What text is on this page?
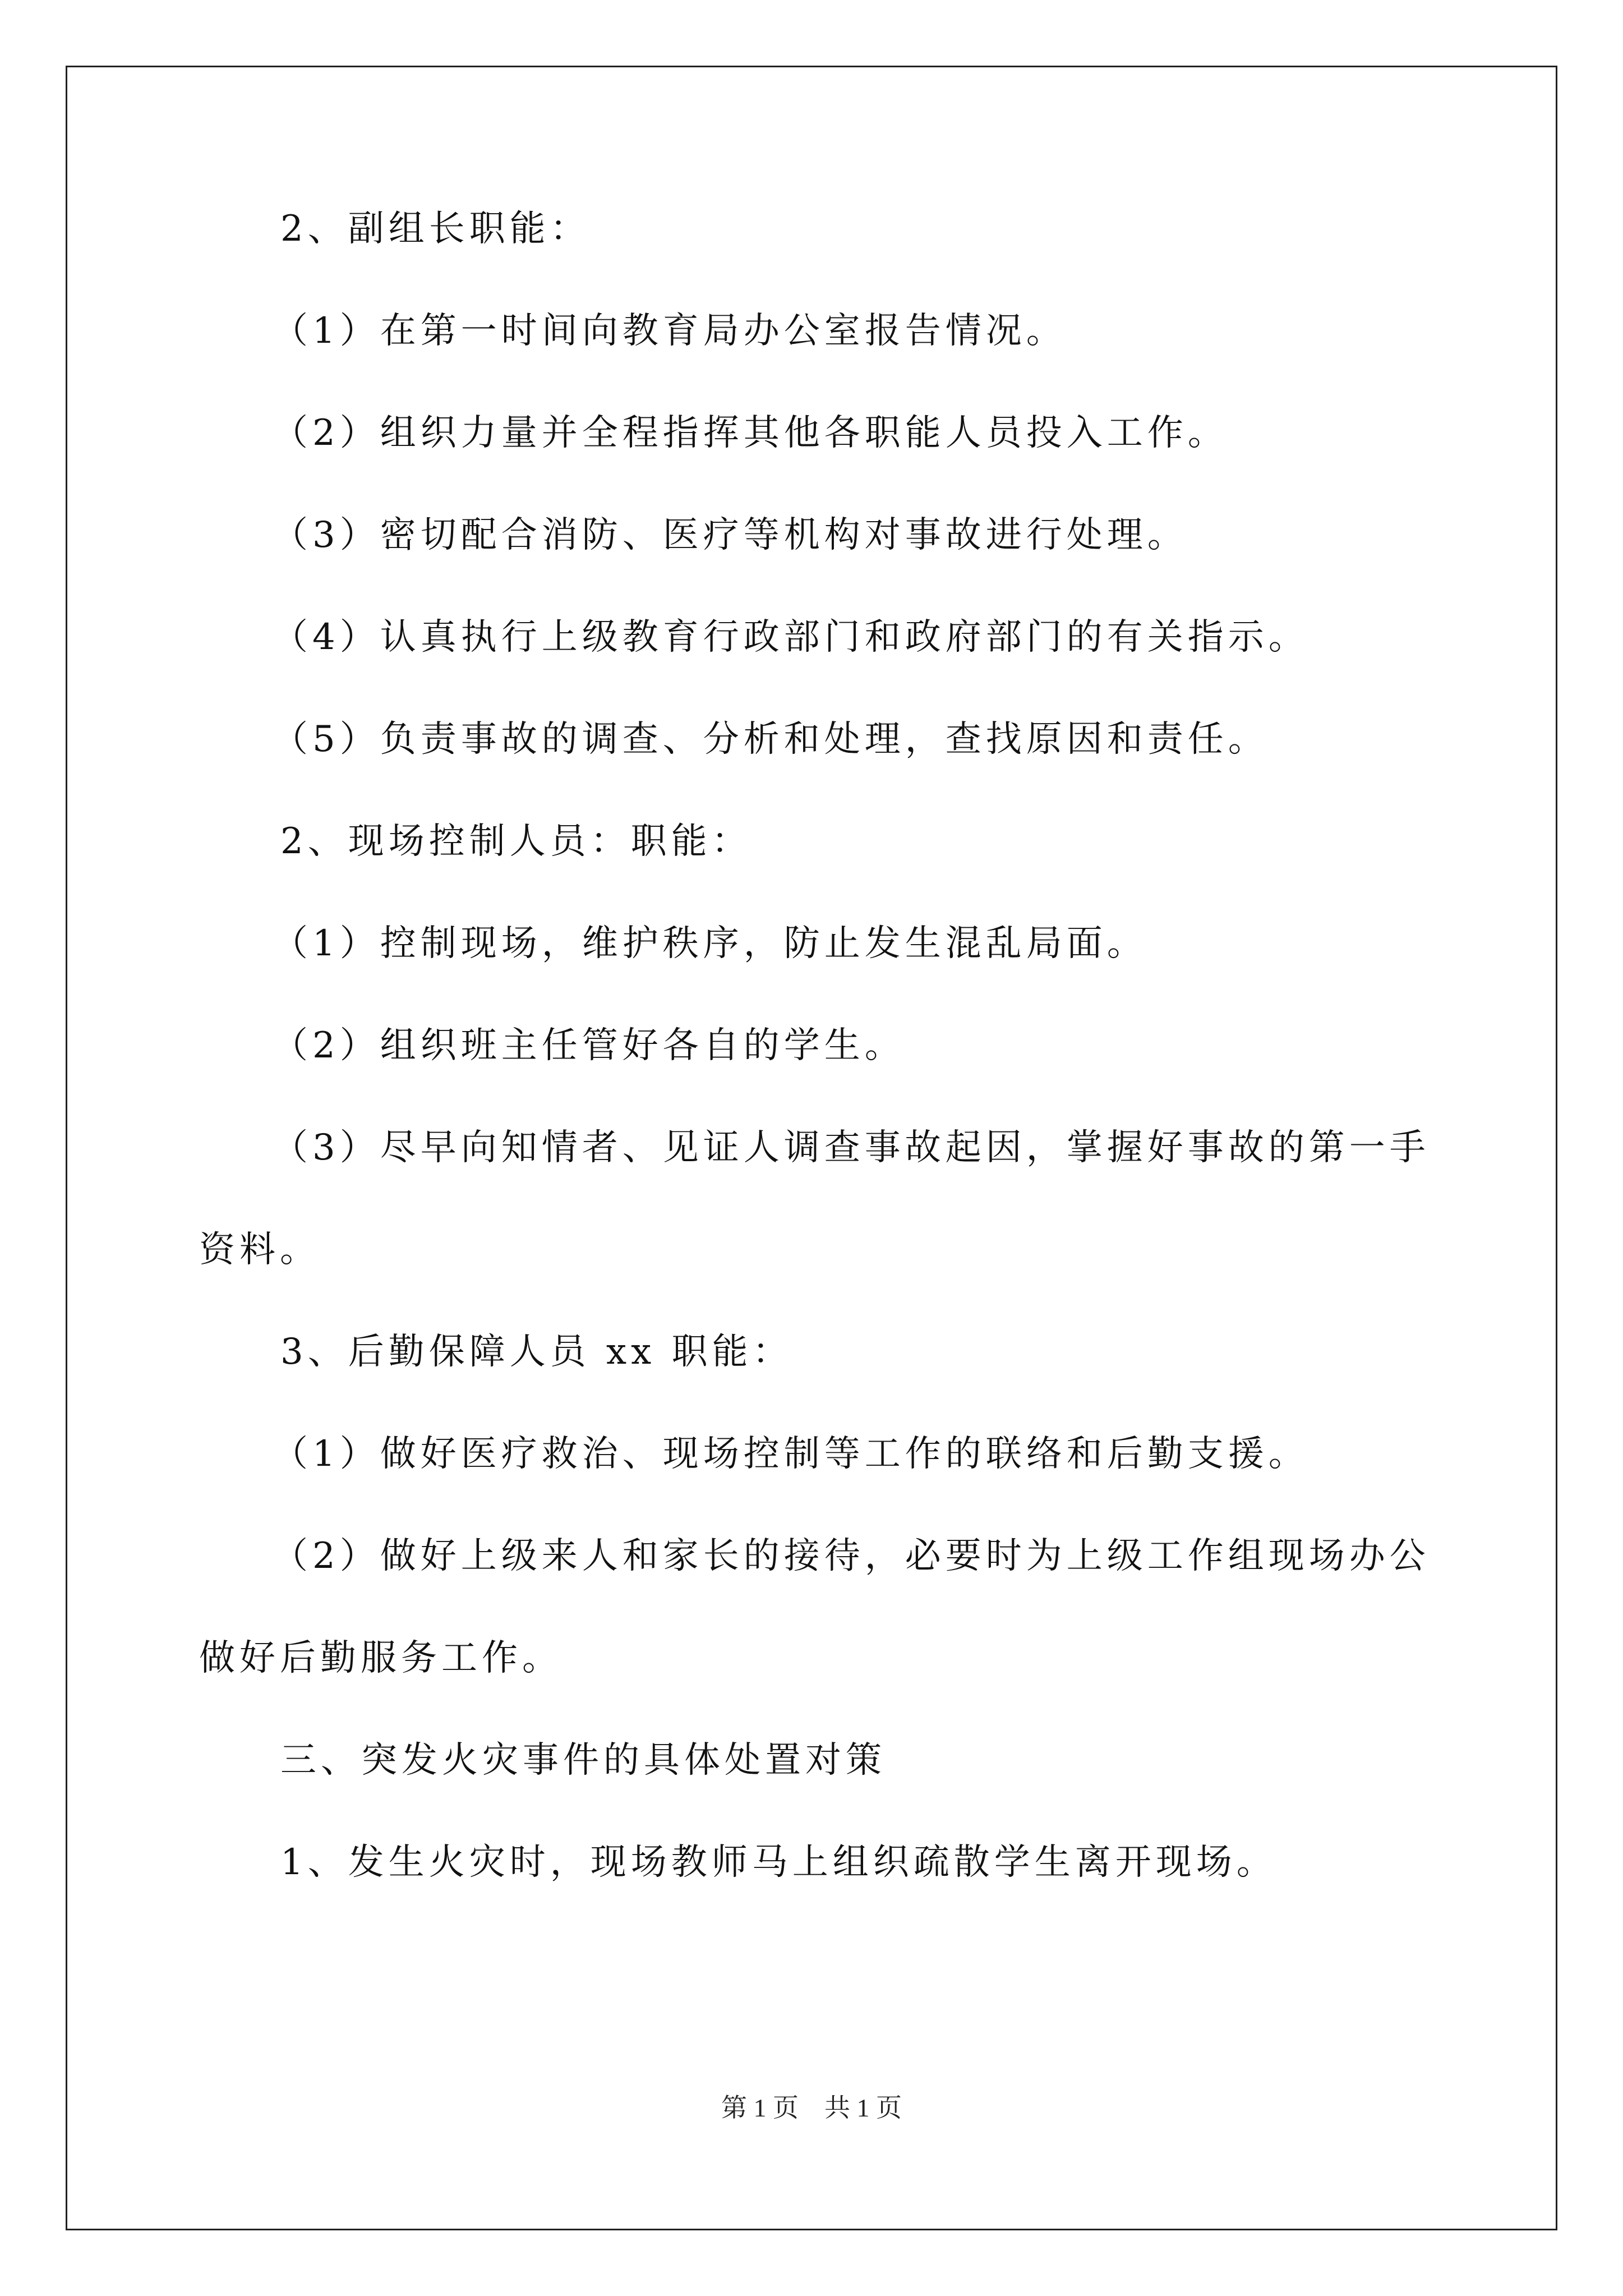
2、副组长职能：
（1）在第一时间向教育局办公室报告情况。
（2）组织力量并全程指挥其他各职能人员投入工作。
（3）密切配合消防、医疗等机构对事故进行处理。
（4）认真执行上级教育行政部门和政府部门的有关指示。
（5）负责事故的调查、分析和处理，查找原因和责任。
2、现场控制人员：职能：
（1）控制现场，维护秩序，防止发生混乱局面。
（2）组织班主任管好各自的学生。
（3）尽早向知情者、见证人调查事故起因，掌握好事故的第一手
资料。
3、后勤保障人员 xx 职能：
（1）做好医疗救治、现场控制等工作的联络和后勤支援。
（2）做好上级来人和家长的接待，必要时为上级工作组现场办公
做好后勤服务工作。
三、突发火灾事件的具体处置对策
1、发生火灾时，现场教师马上组织疏散学生离开现场。
第 1 页　共 1 页
